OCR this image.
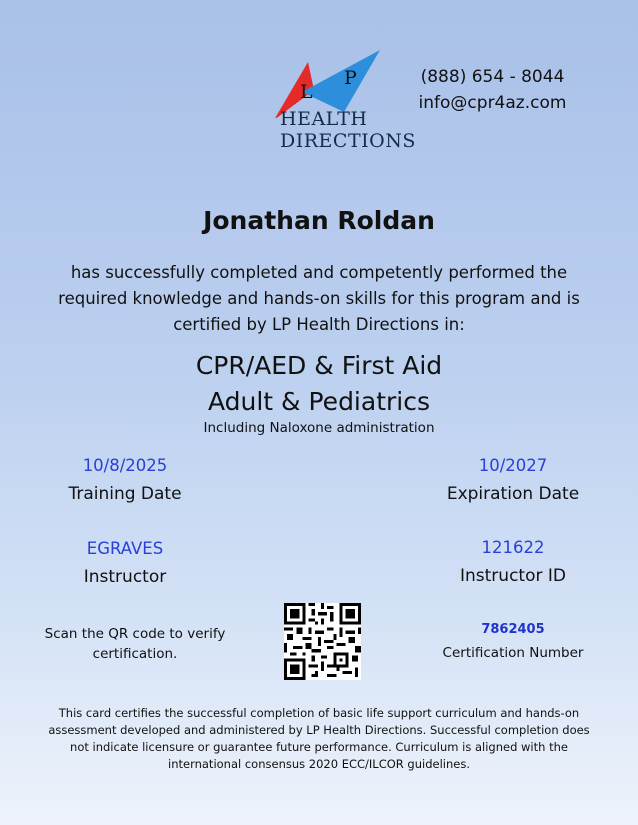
L
P
HEALTH
DIRECTIONS
(888) 654 - 8044
info@cpr4az.com
Jonathan Roldan
has successfully completed and competently performed the required knowledge and hands-on skills for this program and is certified by LP Health Directions in:
CPR/AED & First Aid
Adult & Pediatrics
Including Naloxone administration
10/8/2025
Training Date
10/2027
Expiration Date
EGRAVES
Instructor
121622
Instructor ID
Scan the QR code to verify certification.
7862405
Certification Number
This card certifies the successful completion of basic life support curriculum and hands-on assessment developed and administered by LP Health Directions. Successful completion does not indicate licensure or guarantee future performance. Curriculum is aligned with the international consensus 2020 ECC/ILCOR guidelines.
